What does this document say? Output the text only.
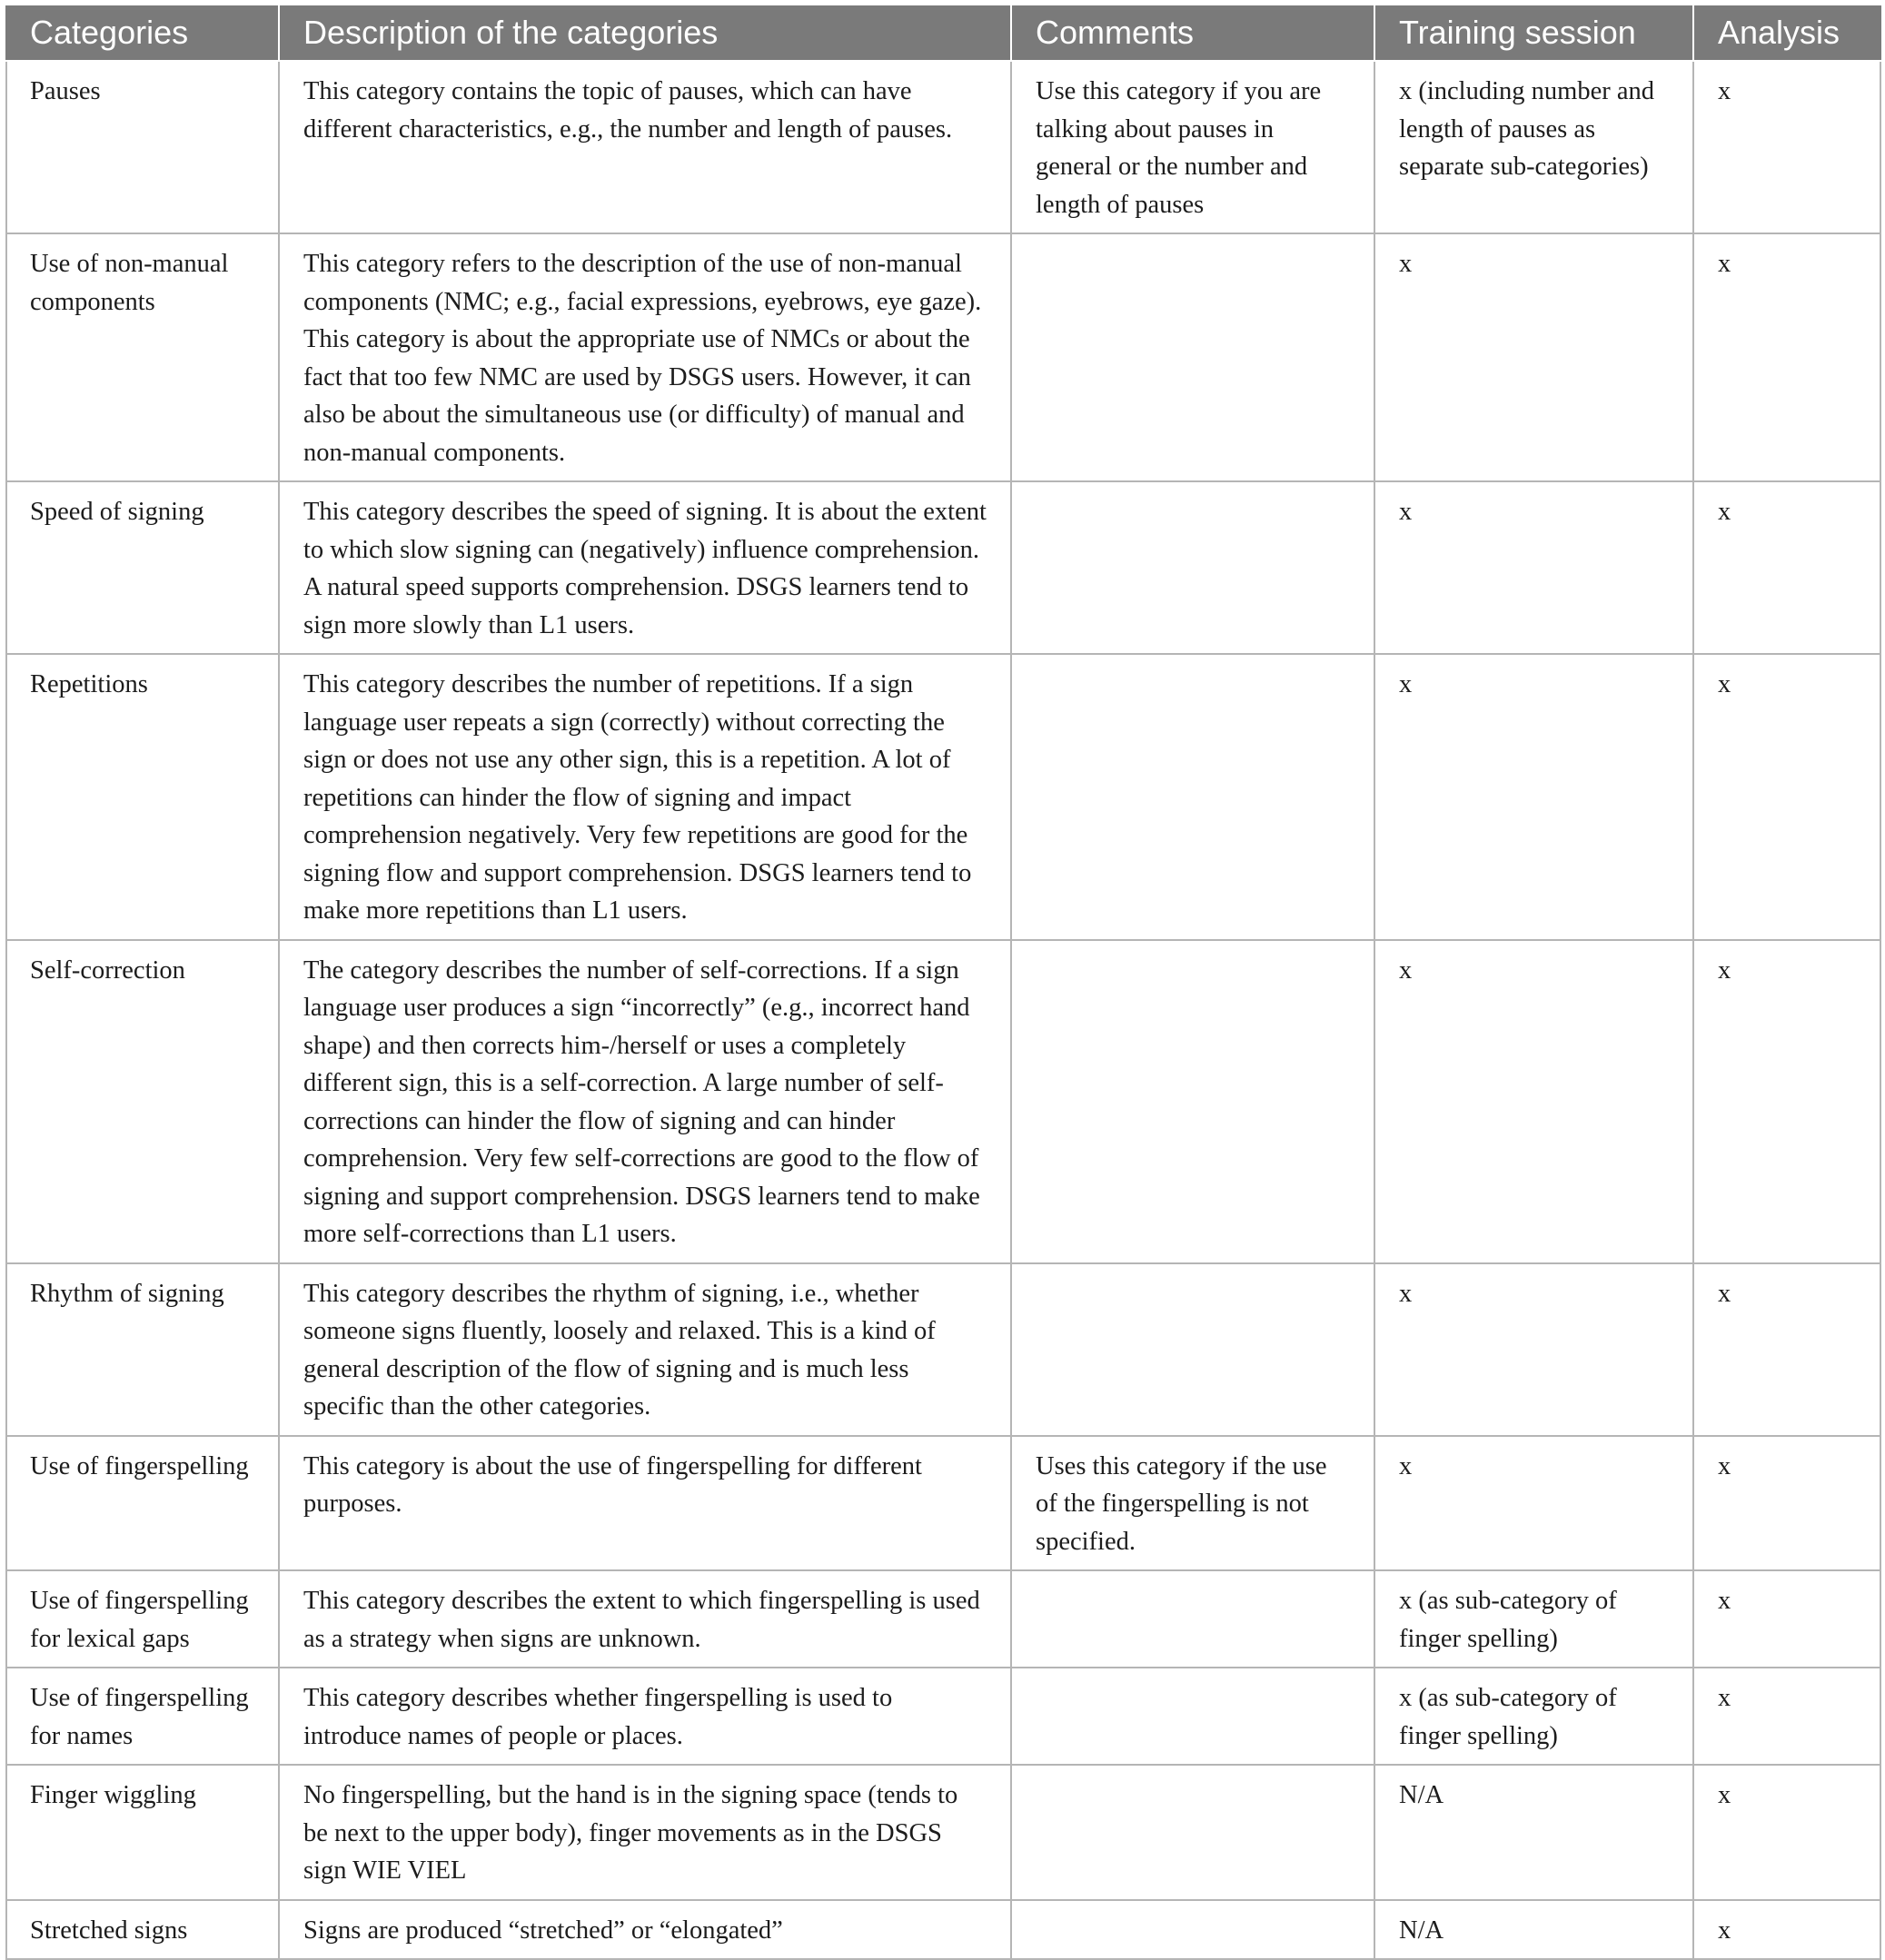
Categories	Description of the categories	Comments	Training session	Analysis
Pauses	This category contains the topic of pauses, which can have different characteristics, e.g., the number and length of pauses.	Use this category if you are talking about pauses in general or the number and length of pauses	x (including number and length of pauses as separate sub-categories)	x
Use of non-manual components	This category refers to the description of the use of non-manual components (NMC; e.g., facial expressions, eyebrows, eye gaze). This category is about the appropriate use of NMCs or about the fact that too few NMC are used by DSGS users. However, it can also be about the simultaneous use (or difficulty) of manual and non-manual components.		x	x
Speed of signing	This category describes the speed of signing. It is about the extent to which slow signing can (negatively) influence comprehension. A natural speed supports comprehension. DSGS learners tend to sign more slowly than L1 users.		x	x
Repetitions	This category describes the number of repetitions. If a sign language user repeats a sign (correctly) without correcting the sign or does not use any other sign, this is a repetition. A lot of repetitions can hinder the flow of signing and impact comprehension negatively. Very few repetitions are good for the signing flow and support comprehension. DSGS learners tend to make more repetitions than L1 users.		x	x
Self-correction	The category describes the number of self-corrections. If a sign language user produces a sign “incorrectly” (e.g., incorrect hand shape) and then corrects him-/herself or uses a completely different sign, this is a self-correction. A large number of self-corrections can hinder the flow of signing and can hinder comprehension. Very few self-corrections are good to the flow of signing and support comprehension. DSGS learners tend to make more self-corrections than L1 users.		x	x
Rhythm of signing	This category describes the rhythm of signing, i.e., whether someone signs fluently, loosely and relaxed. This is a kind of general description of the flow of signing and is much less specific than the other categories.		x	x
Use of fingerspelling	This category is about the use of fingerspelling for different purposes.	Uses this category if the use of the fingerspelling is not specified.	x	x
Use of fingerspelling for lexical gaps	This category describes the extent to which fingerspelling is used as a strategy when signs are unknown.		x (as sub-category of finger spelling)	x
Use of fingerspelling for names	This category describes whether fingerspelling is used to introduce names of people or places.		x (as sub-category of finger spelling)	x
Finger wiggling	No fingerspelling, but the hand is in the signing space (tends to be next to the upper body), finger movements as in the DSGS sign WIE VIEL		N/A	x
Stretched signs	Signs are produced “stretched” or “elongated”		N/A	x
